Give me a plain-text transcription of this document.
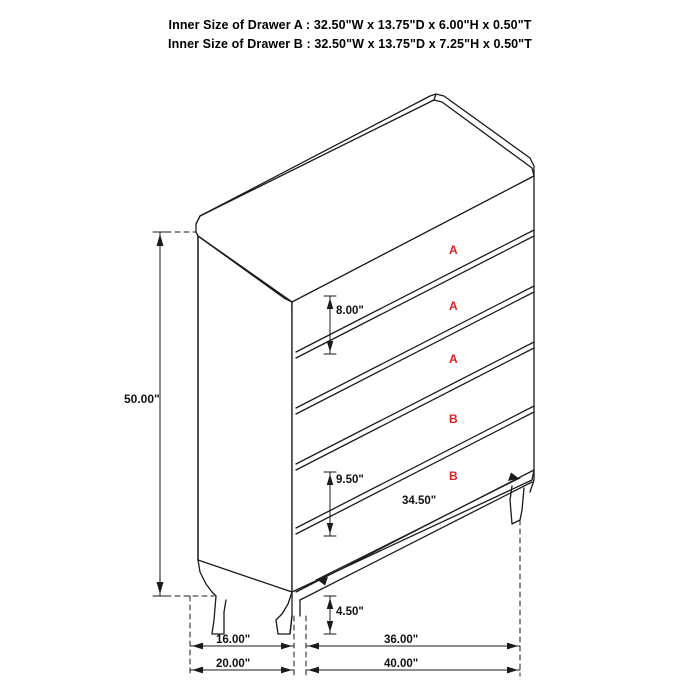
Inner Size of Drawer A : 32.50"W x 13.75"D x 6.00"H x 0.50"T
Inner Size of Drawer B : 32.50"W x 13.75"D x 7.25"H x 0.50"T
A
A
A
B
B
50.00"
8.00"
9.50"
4.50"
34.50"
16.00"
20.00"
36.00"
40.00"
